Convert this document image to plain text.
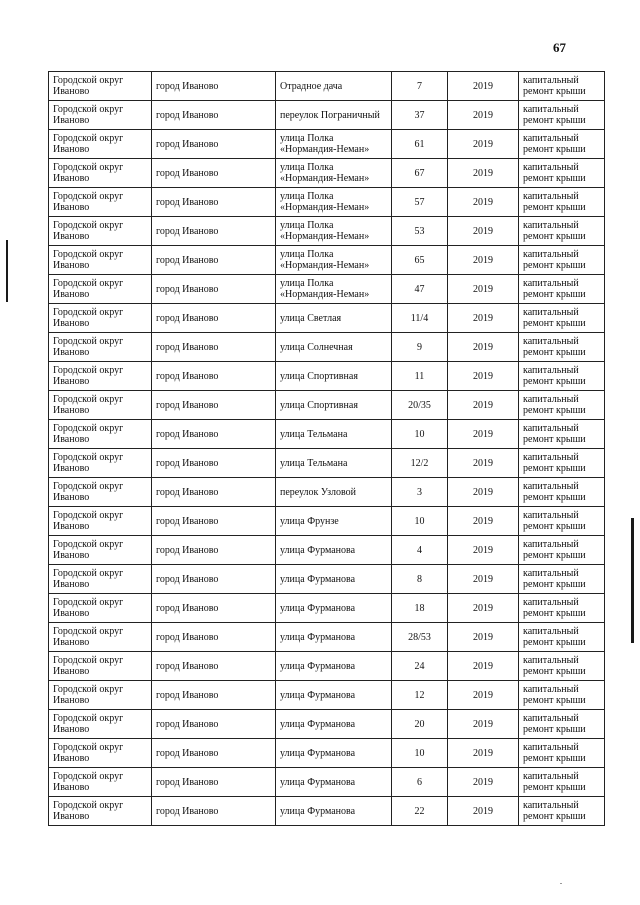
67
Городской округ Иваново	город Иваново	Отрадное дача	7	2019	капитальный ремонт крыши
Городской округ Иваново	город Иваново	переулок Пограничный	37	2019	капитальный ремонт крыши
Городской округ Иваново	город Иваново	улица Полка «Нормандия-Неман»	61	2019	капитальный ремонт крыши
Городской округ Иваново	город Иваново	улица Полка «Нормандия-Неман»	67	2019	капитальный ремонт крыши
Городской округ Иваново	город Иваново	улица Полка «Нормандия-Неман»	57	2019	капитальный ремонт крыши
Городской округ Иваново	город Иваново	улица Полка «Нормандия-Неман»	53	2019	капитальный ремонт крыши
Городской округ Иваново	город Иваново	улица Полка «Нормандия-Неман»	65	2019	капитальный ремонт крыши
Городской округ Иваново	город Иваново	улица Полка «Нормандия-Неман»	47	2019	капитальный ремонт крыши
Городской округ Иваново	город Иваново	улица Светлая	11/4	2019	капитальный ремонт крыши
Городской округ Иваново	город Иваново	улица Солнечная	9	2019	капитальный ремонт крыши
Городской округ Иваново	город Иваново	улица Спортивная	11	2019	капитальный ремонт крыши
Городской округ Иваново	город Иваново	улица Спортивная	20/35	2019	капитальный ремонт крыши
Городской округ Иваново	город Иваново	улица Тельмана	10	2019	капитальный ремонт крыши
Городской округ Иваново	город Иваново	улица Тельмана	12/2	2019	капитальный ремонт крыши
Городской округ Иваново	город Иваново	переулок Узловой	3	2019	капитальный ремонт крыши
Городской округ Иваново	город Иваново	улица Фрунзе	10	2019	капитальный ремонт крыши
Городской округ Иваново	город Иваново	улица Фурманова	4	2019	капитальный ремонт крыши
Городской округ Иваново	город Иваново	улица Фурманова	8	2019	капитальный ремонт крыши
Городской округ Иваново	город Иваново	улица Фурманова	18	2019	капитальный ремонт крыши
Городской округ Иваново	город Иваново	улица Фурманова	28/53	2019	капитальный ремонт крыши
Городской округ Иваново	город Иваново	улица Фурманова	24	2019	капитальный ремонт крыши
Городской округ Иваново	город Иваново	улица Фурманова	12	2019	капитальный ремонт крыши
Городской округ Иваново	город Иваново	улица Фурманова	20	2019	капитальный ремонт крыши
Городской округ Иваново	город Иваново	улица Фурманова	10	2019	капитальный ремонт крыши
Городской округ Иваново	город Иваново	улица Фурманова	6	2019	капитальный ремонт крыши
Городской округ Иваново	город Иваново	улица Фурманова	22	2019	капитальный ремонт крыши
